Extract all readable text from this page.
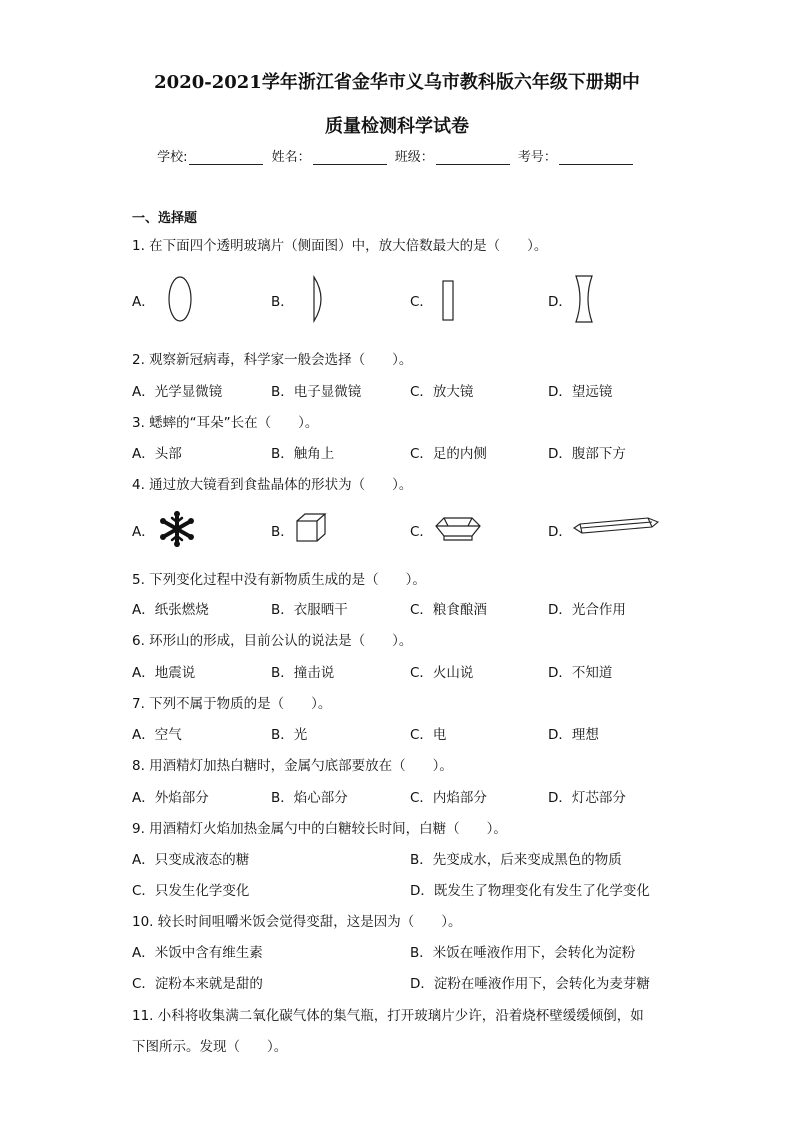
2020-2021学年浙江省金华市义乌市教科版六年级下册期中
质量检测科学试卷
学校:	姓名：	班级：	考号：
一、选择题
1. 在下面四个透明玻璃片（侧面图）中，放大倍数最大的是（　　）。
A．	B．	C．	D．
2. 观察新冠病毒，科学家一般会选择（　　）。
A．光学显微镜	B．电子显微镜	C．放大镜	D．望远镜
3. 蟋蟀的“耳朵”长在（　　）。
A．头部	B．触角上	C．足的内侧	D．腹部下方
4. 通过放大镜看到食盐晶体的形状为（　　）。
A．	B．	C．	D．
5. 下列变化过程中没有新物质生成的是（　　）。
A．纸张燃烧	B．衣服晒干	C．粮食酿酒	D．光合作用
6. 环形山的形成，目前公认的说法是（　　）。
A．地震说	B．撞击说	C．火山说	D．不知道
7. 下列不属于物质的是（　　）。
A．空气	B．光	C．电	D．理想
8. 用酒精灯加热白糖时，金属勺底部要放在（　　）。
A．外焰部分	B．焰心部分	C．内焰部分	D．灯芯部分
9. 用酒精灯火焰加热金属勺中的白糖较长时间，白糖（　　）。
A．只变成液态的糖	B．先变成水，后来变成黑色的物质
C．只发生化学变化	D．既发生了物理变化有发生了化学变化
10. 较长时间咀嚼米饭会觉得变甜，这是因为（　　）。
A．米饭中含有维生素	B．米饭在唾液作用下，会转化为淀粉
C．淀粉本来就是甜的	D．淀粉在唾液作用下，会转化为麦芽糖
11. 小科将收集满二氧化碳气体的集气瓶，打开玻璃片少许，沿着烧杯壁缓缓倾倒，如
下图所示。发现（　　）。
